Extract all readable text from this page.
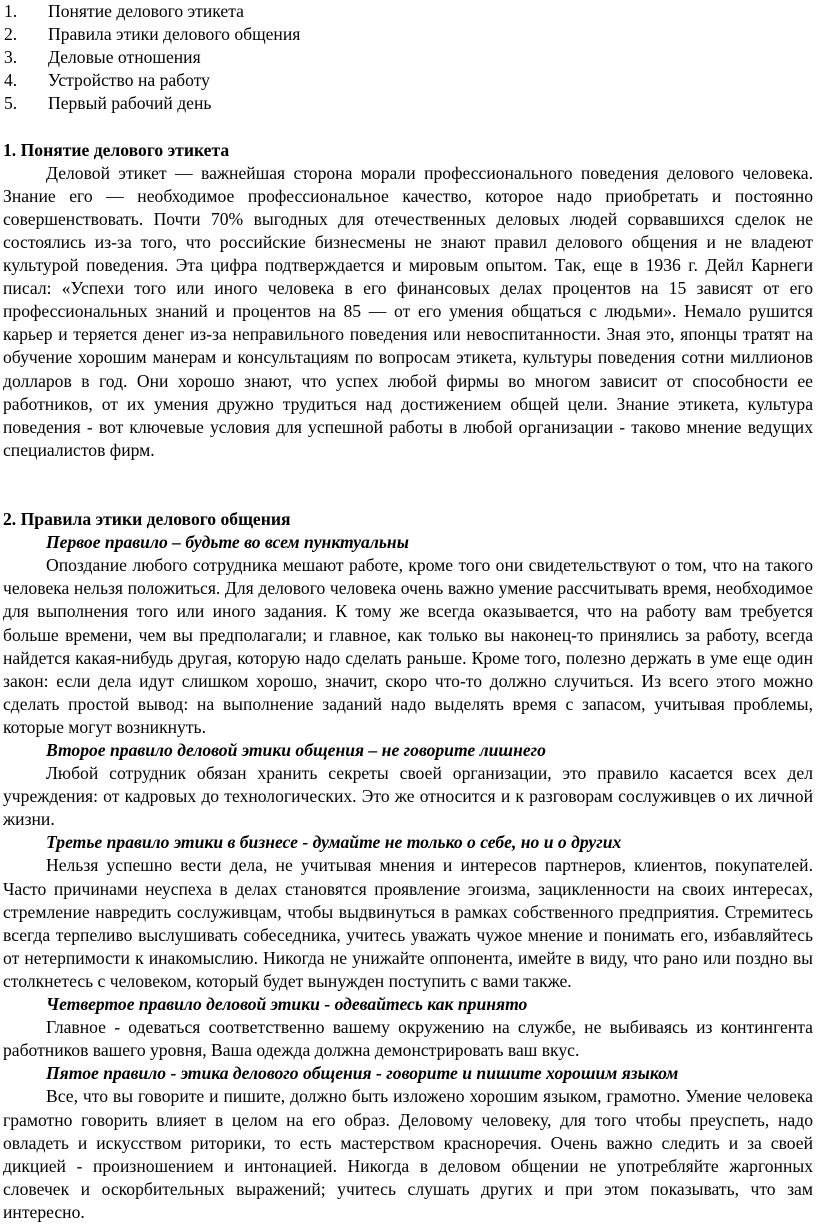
1.	Понятие делового этикета
2.	Правила этики делового общения
3.	Деловые отношения
4.	Устройство на работу
5.	Первый рабочий день
1. Понятие делового этикета

Деловой этикет — важнейшая сторона морали профессионального поведения делового человека. Знание его — необходимое профессиональное качество, которое надо приобретать и постоянно совершенствовать. Почти 70% выгодных для отечественных деловых людей сорвавшихся сделок не состоялись из-за того, что российские бизнесмены не знают правил делового общения и не владеют культурой поведения. Эта цифра подтверждается и мировым опытом. Так, еще в 1936 г. Дейл Карнеги писал: «Успехи того или иного человека в его финансовых делах процентов на 15 зависят от его профессиональных знаний и процентов на 85 — от его умения общаться с людьми». Немало рушится карьер и теряется денег из-за неправильного поведения или невоспитанности. Зная это, японцы тратят на обучение хорошим манерам и консультациям по вопросам этикета, культуры поведения сотни миллионов долларов в год. Они хорошо знают, что успех любой фирмы во многом зависит от способности ее работников, от их умения дружно трудиться над достижением общей цели. Знание этикета, культура поведения - вот ключевые условия для успешной работы в любой организации - таково мнение ведущих специалистов фирм.

2. Правила этики делового общения
Первое правило – будьте во всем пунктуальны

Опоздание любого сотрудника мешают работе, кроме того они свидетельствуют о том, что на такого человека нельзя положиться. Для делового человека очень важно умение рассчитывать время, необходимое для выполнения того или иного задания. К тому же всегда оказывается, что на работу вам требуется больше времени, чем вы предполагали; и главное, как только вы наконец-то принялись за работу, всегда найдется какая-нибудь другая, которую надо сделать раньше. Кроме того, полезно держать в уме еще один закон: если дела идут слишком хорошо, значит, скоро что-то должно случиться. Из всего этого можно сделать простой вывод: на выполнение заданий надо выделять время с запасом, учитывая проблемы, которые могут возникнуть.

Второе правило деловой этики общения – не говорите лишнего

Любой сотрудник обязан хранить секреты своей организации, это правило касается всех дел учреждения: от кадровых до технологических. Это же относится и к разговорам сослуживцев о их личной жизни.

Третье правило этики в бизнесе - думайте не только о себе, но и о других

Нельзя успешно вести дела, не учитывая мнения и интересов партнеров, клиентов, покупателей. Часто причинами неуспеха в делах становятся проявление эгоизма, зацикленности на своих интересах, стремление навредить сослуживцам, чтобы выдвинуться в рамках собственного предприятия. Стремитесь всегда терпеливо выслушивать собеседника, учитесь уважать чужое мнение и понимать его, избавляйтесь от нетерпимости к инакомыслию. Никогда не унижайте оппонента, имейте в виду, что рано или поздно вы столкнетесь с человеком, который будет вынужден поступить с вами также.

Четвертое правило деловой этики - одевайтесь как принято

Главное - одеваться соответственно вашему окружению на службе, не выбиваясь из контингента работников вашего уровня, Ваша одежда должна демонстрировать ваш вкус.

Пятое правило - этика делового общения - говорите и пишите хорошим языком

Все, что вы говорите и пишите, должно быть изложено хорошим языком, грамотно. Умение человека грамотно говорить влияет в целом на его образ. Деловому человеку, для того чтобы преуспеть, надо овладеть и искусством риторики, то есть мастерством красноречия. Очень важно следить и за своей дикцией - произношением и интонацией. Никогда в деловом общении не употребляйте жаргонных словечек и оскорбительных выражений; учитесь слушать других и при этом показывать, что зам интересно.
